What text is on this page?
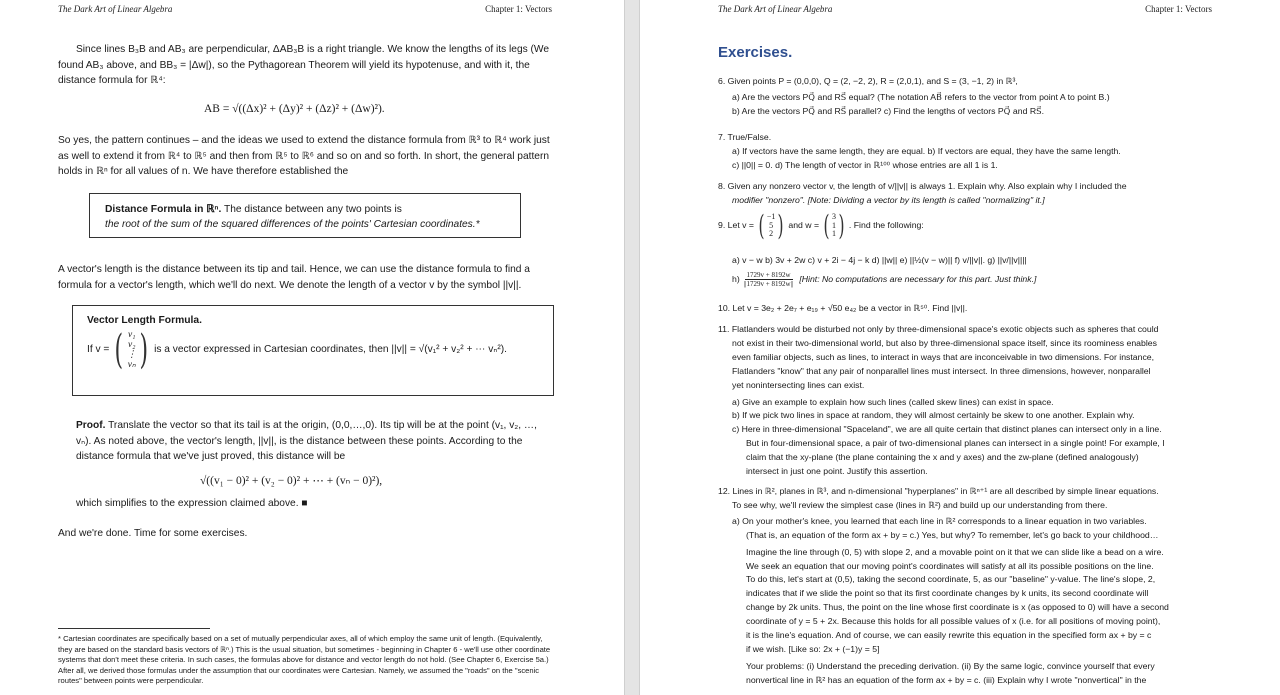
The Dark Art of Linear Algebra	Chapter 1: Vectors
Since lines B₃B and AB₃ are perpendicular, ΔAB₃B is a right triangle. We know the lengths of its legs (We found AB₃ above, and BB₃ = |Δw|), so the Pythagorean Theorem will yield its hypotenuse, and with it, the distance formula for ℝ⁴:
AB = √((Δx)² + (Δy)² + (Δz)² + (Δw)²).
So yes, the pattern continues – and the ideas we used to extend the distance formula from ℝ³ to ℝ⁴ work just as well to extend it from ℝ⁴ to ℝ⁵ and then from ℝ⁵ to ℝ⁶ and so on and so forth. In short, the general pattern holds in ℝⁿ for all values of n. We have therefore established the
Distance Formula in ℝⁿ. The distance between any two points is
the root of the sum of the squared differences of the points' Cartesian coordinates.*
A vector's length is the distance between its tip and tail. Hence, we can use the distance formula to find a formula for a vector's length, which we'll do next. We denote the length of a vector v by the symbol ||v||.
Vector Length Formula.
If v = ( v₁
v₂
⋮
vₙ ) is a vector expressed in Cartesian coordinates, then ||v|| = √(v₁² + v₂² + ⋯ vₙ²).
Proof. Translate the vector so that its tail is at the origin, (0,0,…,0). Its tip will be at the point (v₁, v₂, …, vₙ). As noted above, the vector's length, ||v||, is the distance between these points. According to the distance formula that we've just proved, this distance will be
√((v₁ − 0)² + (v₂ − 0)² + ⋯ + (vₙ − 0)²),
which simplifies to the expression claimed above. ■
And we're done. Time for some exercises.
* Cartesian coordinates are specifically based on a set of mutually perpendicular axes, all of which employ the same unit of length. (Equivalently, they are based on the standard basis vectors of ℝⁿ.) This is the usual situation, but sometimes - beginning in Chapter 6 - we'll use other coordinate systems that don't meet these criteria. In such cases, the formulas above for distance and vector length do not hold. (See Chapter 6, Exercise 5a.) After all, we derived those formulas under the assumption that our coordinates were Cartesian. Namely, we assumed the "roads" on the "scenic routes" between points were perpendicular.
The Dark Art of Linear Algebra	Chapter 1: Vectors
Exercises.
6. Given points P = (0,0,0), Q = (2, −2, 2), R = (2,0,1), and S = (3, −1, 2) in ℝ³,
a) Are the vectors PQ⃗ and RS⃗ equal? (The notation AB⃗ refers to the vector from point A to point B.)
b) Are the vectors PQ⃗ and RS⃗ parallel? c) Find the lengths of vectors PQ⃗ and RS⃗.
7. True/False.
a) If vectors have the same length, they are equal. b) If vectors are equal, they have the same length.
c) ||0|| = 0. d) The length of vector in ℝ¹⁰⁰ whose entries are all 1 is 1.
8. Given any nonzero vector v, the length of v/||v|| is always 1. Explain why. Also explain why I included the
modifier "nonzero". [Note: Dividing a vector by its length is called "normalizing" it.]
9. Let v = ( −1
5
2 ) and w = ( 3
1
1 ) . Find the following:
a) v − w b) 3v + 2w c) v + 2i − 4j − k d) ||w|| e) ||½(v − w)|| f) v/||v||. g) ||v/||v||||
$h) \frac{1729v + 8192w}{||1729v + 8192w||}$ [Hint: No computations are necessary for this part. Just think.]
10. Let v = 3e₂ + 2e₇ + e₁₉ + √50 e₄₂ be a vector in ℝ⁵⁰. Find ||v||.
11. Flatlanders would be disturbed not only by three-dimensional space's exotic objects such as spheres that could
not exist in their two-dimensional world, but also by three-dimensional space itself, since its roominess enables
even familiar objects, such as lines, to interact in ways that are inconceivable in two dimensions. For instance,
Flatlanders "know" that any pair of nonparallel lines must intersect. In three dimensions, however, nonparallel
yet nonintersecting lines can exist.
a) Give an example to explain how such lines (called skew lines) can exist in space.
b) If we pick two lines in space at random, they will almost certainly be skew to one another. Explain why.
c) Here in three-dimensional "Spaceland", we are all quite certain that distinct planes can intersect only in a line.
But in four-dimensional space, a pair of two-dimensional planes can intersect in a single point! For example, I
claim that the xy-plane (the plane containing the x and y axes) and the zw-plane (defined analogously)
intersect in just one point. Justify this assertion.
12. Lines in ℝ², planes in ℝ³, and n-dimensional "hyperplanes" in ℝⁿ⁺¹ are all described by simple linear equations.
To see why, we'll review the simplest case (lines in ℝ²) and build up our understanding from there.
a) On your mother's knee, you learned that each line in ℝ² corresponds to a linear equation in two variables.
(That is, an equation of the form ax + by = c.) Yes, but why? To remember, let's go back to your childhood…
Imagine the line through (0, 5) with slope 2, and a movable point on it that we can slide like a bead on a wire.
We seek an equation that our moving point's coordinates will satisfy at all its possible positions on the line.
To do this, let's start at (0,5), taking the second coordinate, 5, as our "baseline" y-value. The line's slope, 2,
indicates that if we slide the point so that its first coordinate changes by k units, its second coordinate will
change by 2k units. Thus, the point on the line whose first coordinate is x (as opposed to 0) will have a second
coordinate of y = 5 + 2x. Because this holds for all possible values of x (i.e. for all positions of moving point),
it is the line's equation. And of course, we can easily rewrite this equation in the specified form ax + by = c
if we wish. [Like so: 2x + (−1)y = 5]
Your problems: (i) Understand the preceding derivation. (ii) By the same logic, convince yourself that every
nonvertical line in ℝ² has an equation of the form ax + by = c. (iii) Explain why I wrote "nonvertical" in the
